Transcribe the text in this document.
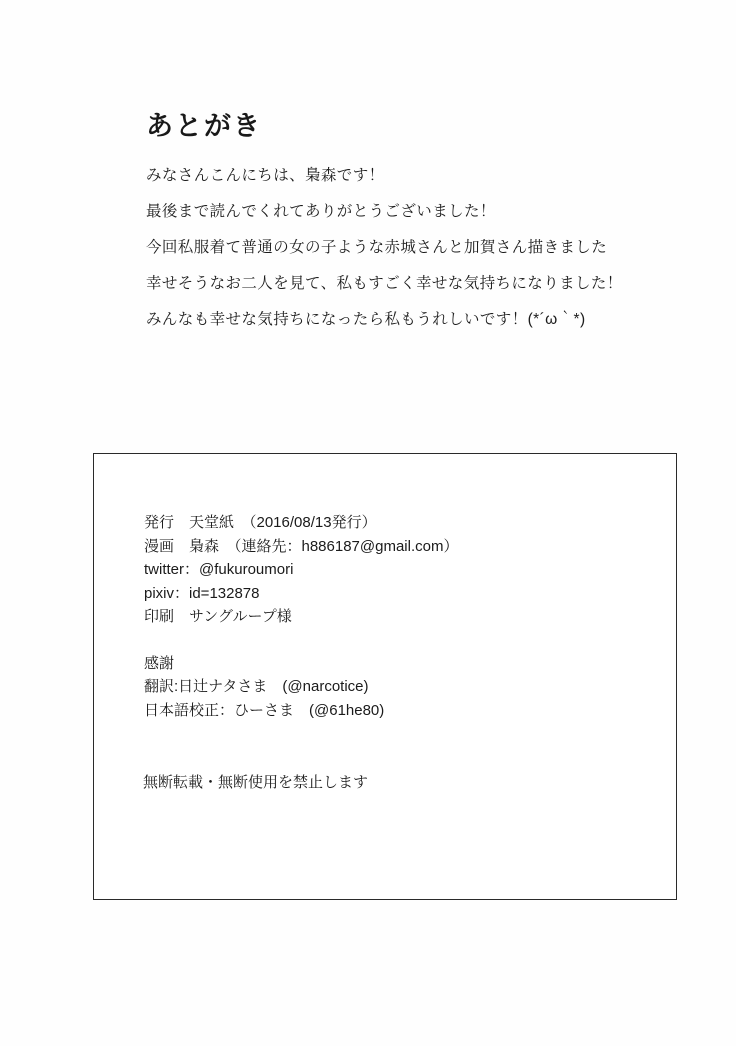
あとがき
みなさんこんにちは、梟森です！
最後まで読んでくれてありがとうございました！
今回私服着て普通の女の子ような赤城さんと加賀さん描きました
幸せそうなお二人を見て、私もすごく幸せな気持ちになりました！
みんなも幸せな気持ちになったら私もうれしいです！(*´ω｀*)
発行　天堂紙　（2016/08/13発行）
漫画　梟森　（連絡先：h886187@gmail.com）
twitter：@fukuroumori
pixiv：id=132878
印刷　サングループ様
感謝
翻訳:日辻ナタさま　(@narcotice)
日本語校正：ひーさま　(@61he80)
無断転載・無断使用を禁止します
